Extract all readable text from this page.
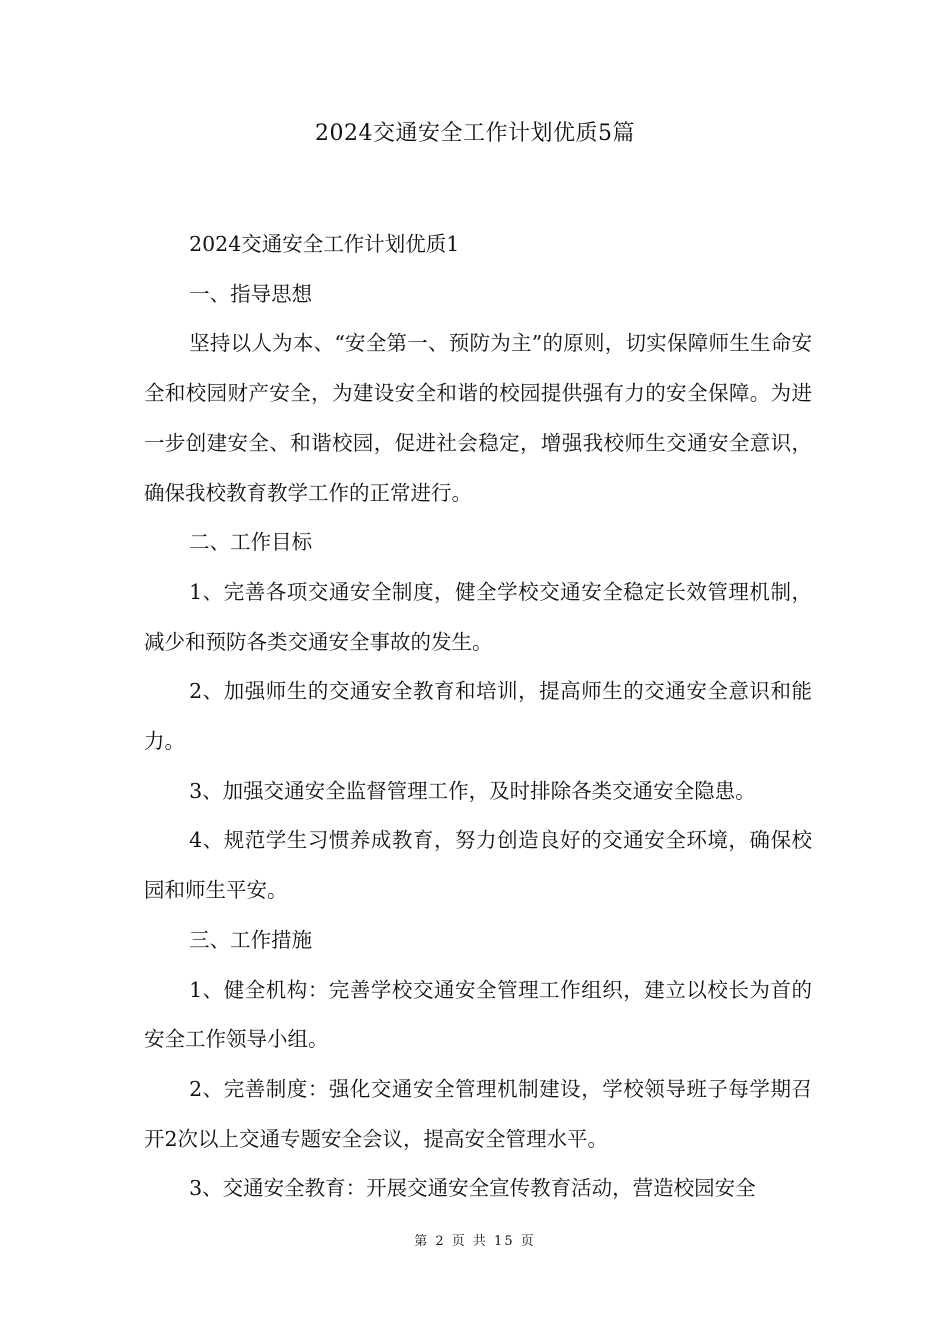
2024交通安全工作计划优质5篇

2024交通安全工作计划优质1

一、指导思想

坚持以人为本、“安全第一、预防为主”的原则，切实保障师生生命安全和校园财产安全，为建设安全和谐的校园提供强有力的安全保障。为进一步创建安全、和谐校园，促进社会稳定，增强我校师生交通安全意识，确保我校教育教学工作的正常进行。

二、工作目标

1、完善各项交通安全制度，健全学校交通安全稳定长效管理机制，减少和预防各类交通安全事故的发生。

2、加强师生的交通安全教育和培训，提高师生的交通安全意识和能力。

3、加强交通安全监督管理工作，及时排除各类交通安全隐患。

4、规范学生习惯养成教育，努力创造良好的交通安全环境，确保校园和师生平安。

三、工作措施

1、健全机构：完善学校交通安全管理工作组织，建立以校长为首的安全工作领导小组。

2、完善制度：强化交通安全管理机制建设，学校领导班子每学期召开2次以上交通专题安全会议，提高安全管理水平。

3、交通安全教育：开展交通安全宣传教育活动，营造校园安全

第 2 页 共 15 页
